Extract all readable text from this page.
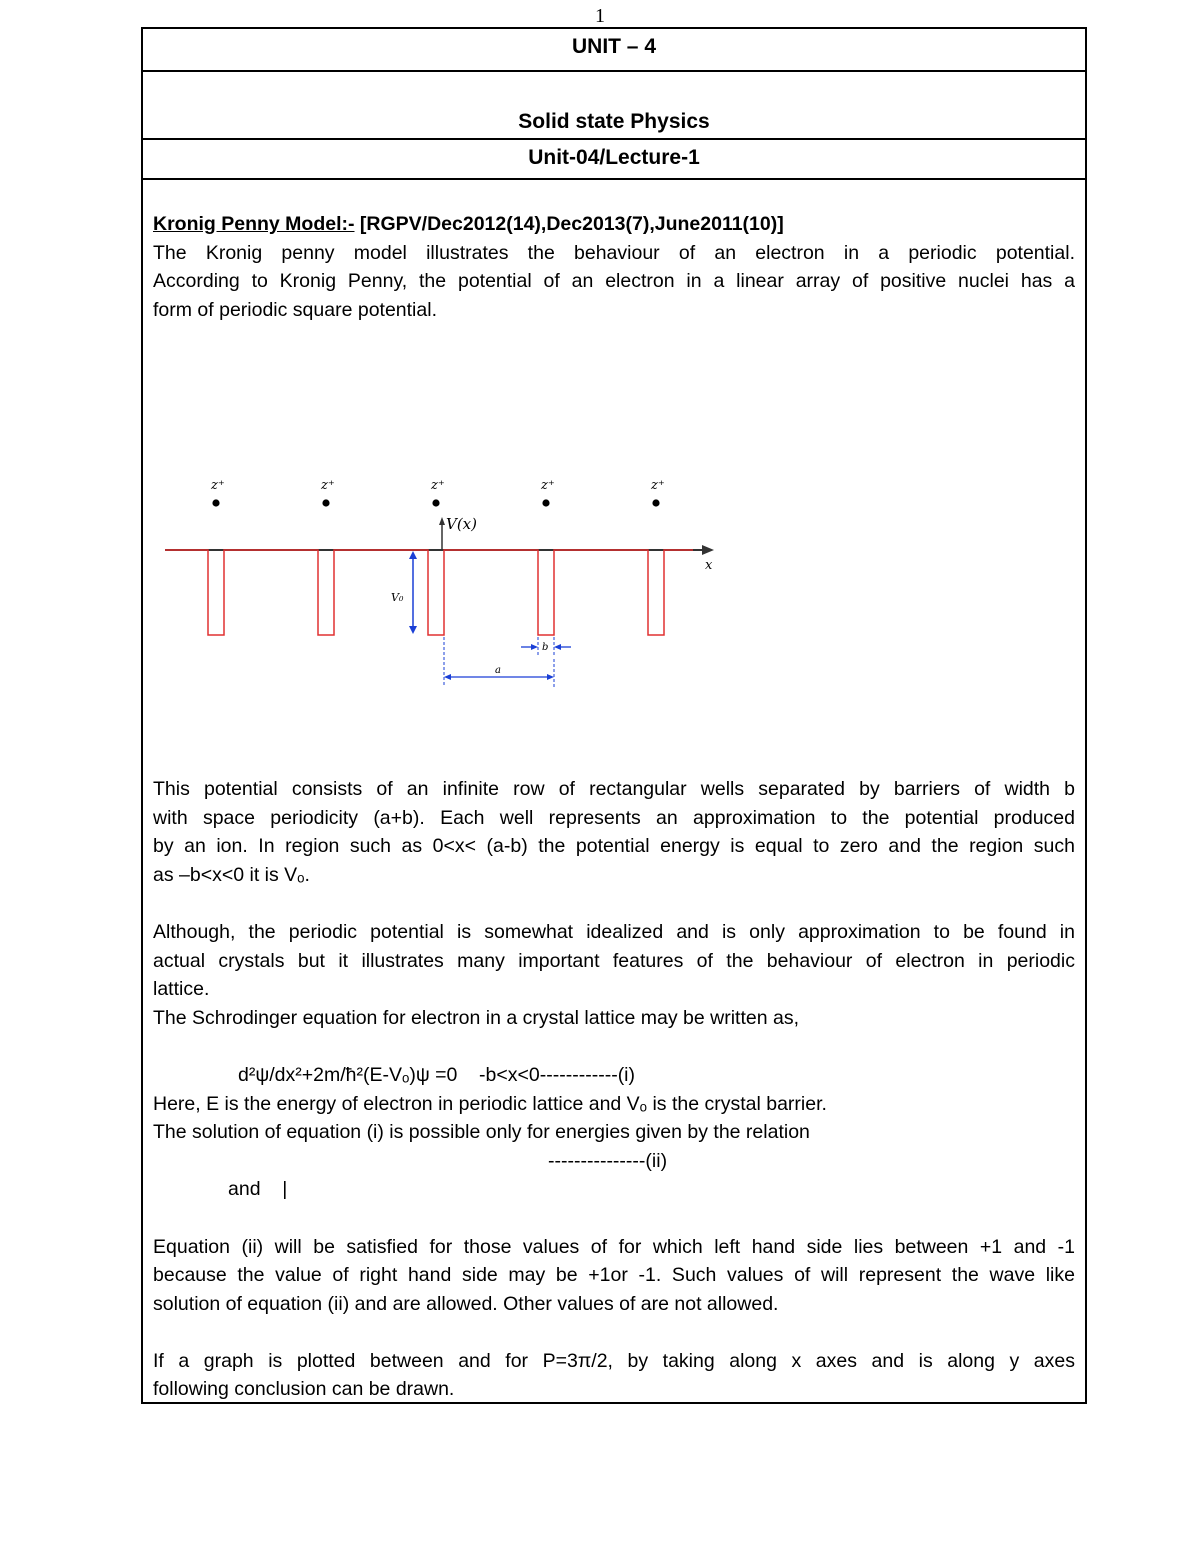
1
UNIT – 4
Solid state Physics
Unit-04/Lecture-1

Kronig Penny Model:- [RGPV/Dec2012(14),Dec2013(7),June2011(10)]

The Kronig penny model illustrates the behaviour of an electron in a periodic potential.

According to Kronig Penny, the potential of an electron in a linear array of positive nuclei has a

form of periodic square potential.

z⁺	z⁺	z⁺	z⁺	z⁺
x
V(x)
V₀
b
a

This potential consists of an infinite row of rectangular wells separated by barriers of width b

with space periodicity (a+b). Each well represents an approximation to the potential produced

by an ion. In region such as 0<x< (a-b) the potential energy is equal to zero and the region such

as –b<x<0 it is Vₒ.

Although, the periodic potential is somewhat idealized and is only approximation to be found in

actual crystals but it illustrates many important features of the behaviour of electron in periodic

lattice.

The Schrodinger equation for electron in a crystal lattice may be written as,

d²ψ/dx²+2m/ħ²(E-Vₒ)ψ =0    -b<x<0------------(i)

Here, E is the energy of electron in periodic lattice and Vₒ is the crystal barrier.

The solution of equation (i) is possible only for energies given by the relation

---------------(ii)

and    |

Equation (ii) will be satisfied for those values of for which left hand side lies between +1 and -1

because the value of right hand side may be +1or -1. Such values of will represent the wave like

solution of equation (ii) and are allowed. Other values of are not allowed.

If a graph is plotted between and for P=3π/2, by taking along x axes and is along y axes

following conclusion can be drawn.
